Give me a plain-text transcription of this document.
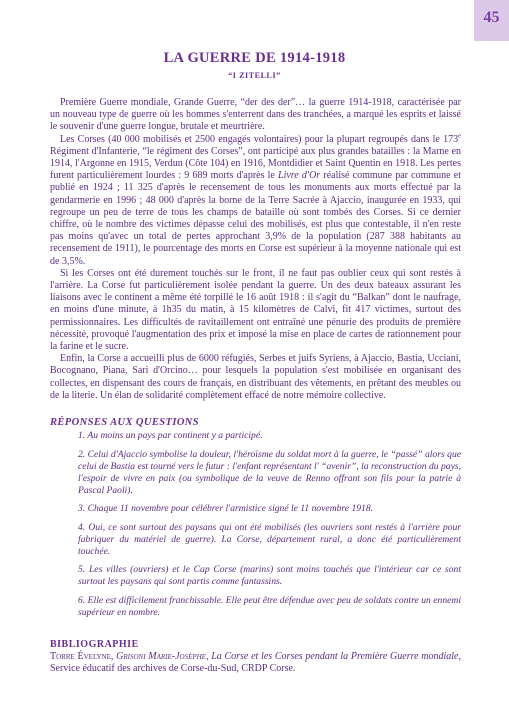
45
LA GUERRE DE 1914-1918
“I ZITELLI”

Première Guerre mondiale, Grande Guerre, “der des der”… la guerre 1914-1918, caractérisée par un nouveau type de guerre où les hommes s'enterrent dans des tranchées, a marqué les esprits et laissé le souvenir d'une guerre longue, brutale et meurtrière.

Les Corses (40 000 mobilisés et 2500 engagés volontaires) pour la plupart regroupés dans le 173e Régiment d'Infanterie, “le régiment des Corses”, ont participé aux plus grandes batailles : la Marne en 1914, l'Argonne en 1915, Verdun (Côte 104) en 1916, Montdidier et Saint Quentin en 1918. Les pertes furent particulièrement lourdes : 9 689 morts d'après le Livre d'Or réalisé commune par commune et publié en 1924 ; 11 325 d'après le recensement de tous les monuments aux morts effectué par la gendarmerie en 1996 ; 48 000 d'après la borne de la Terre Sacrée à Ajaccio, inaugurée en 1933, qui regroupe un peu de terre de tous les champs de bataille où sont tombés des Corses. Si ce dernier chiffre, où le nombre des victimes dépasse celui des mobilisés, est plus que contestable, il n'en reste pas moins qu'avec un total de pertes approchant 3,9% de la population (287 388 habitants au recensement de 1911), le pourcentage des morts en Corse est supérieur à la moyenne nationale qui est de 3,5%.

Si les Corses ont été durement touchés sur le front, il ne faut pas oublier ceux qui sont restés à l'arrière. La Corse fut particulièrement isolée pendant la guerre. Un des deux bateaux assurant les liaisons avec le continent a même été torpillé le 16 août 1918 : il s'agit du “Balkan” dont le naufrage, en moins d'une minute, à 1h35 du matin, à 15 kilomètres de Calvi, fit 417 victimes, surtout des permissionnaires. Les difficultés de ravitaillement ont entraîné une pénurie des produits de première nécessité, provoqué l'augmentation des prix et imposé la mise en place de cartes de rationnement pour la farine et le sucre.

Enfin, la Corse a accueilli plus de 6000 réfugiés, Serbes et juifs Syriens, à Ajaccio, Bastia, Ucciani, Bocognano, Piana, Sari d'Orcino… pour lesquels la population s'est mobilisée en organisant des collectes, en dispensant des cours de français, en distribuant des vêtements, en prêtant des meubles ou de la literie. Un élan de solidarité complètement effacé de notre mémoire collective.

RÉPONSES AUX QUESTIONS

1. Au moins un pays par continent y a participé.

2. Celui d'Ajaccio symbolise la douleur, l'héroïsme du soldat mort à la guerre, le “passé” alors que celui de Bastia est tourné vers le futur : l'enfant représentant l' “avenir”, la reconstruction du pays, l'espoir de vivre en paix (ou symbolique de la veuve de Renno offrant son fils pour la patrie à Pascal Paoli).

3. Chaque 11 novembre pour célébrer l'armistice signé le 11 novembre 1918.

4. Oui, ce sont surtout des paysans qui ont été mobilisés (les ouvriers sont restés à l'arrière pour fabriquer du matériel de guerre). La Corse, département rural, a donc été particulièrement touchée.

5. Les villes (ouvriers) et le Cap Corse (marins) sont moins touchés que l'intérieur car ce sont surtout les paysans qui sont partis comme fantassins.

6. Elle est difficilement franchissable. Elle peut être défendue avec peu de soldats contre un ennemi supérieur en nombre.

BIBLIOGRAPHIE
Torre Évelyne, Grisoni Marie-Josèphe, La Corse et les Corses pendant la Première Guerre mondiale, Service éducatif des archives de Corse-du-Sud, CRDP Corse.
